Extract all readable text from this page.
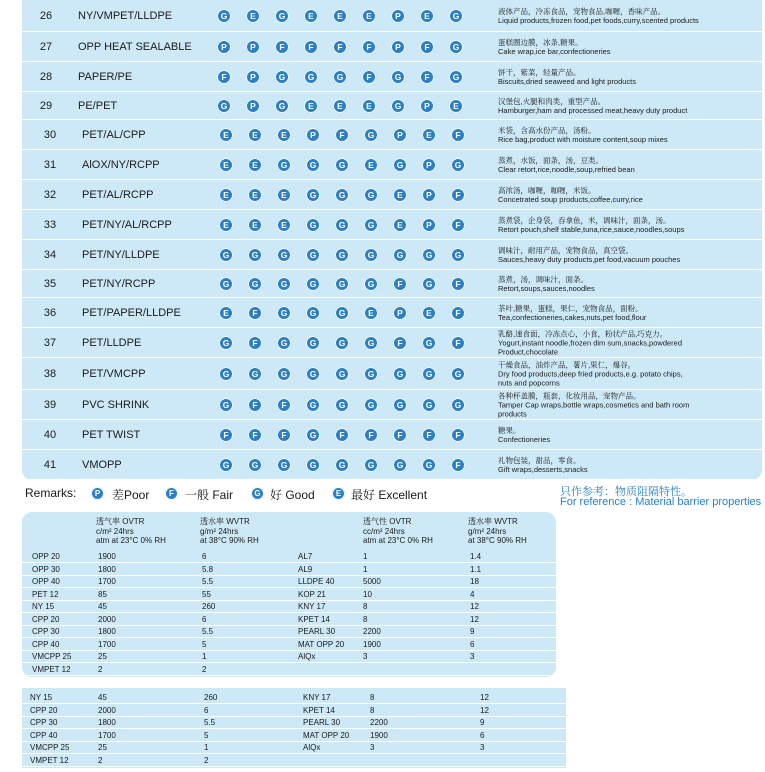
26	NY/VMPET/LLDPE	G	E	G	E	E	E	P	E	G	液体产品，冷冻食品，宠物食品,咖喱，香味产品。
Liquid products,frozen food,pet foods,curry,scented products
27	OPP HEAT SEALABLE	P	P	F	F	F	F	P	F	G	蛋糕圈边膜，冰条,糖果。
Cake wrap,ice bar,confectioneries
28	PAPER/PE	F	P	G	G	G	F	G	F	G	饼干，紫菜，轻量产品。
Biscuits,dried seaweed and light products
29	PE/PET	G	P	G	E	E	E	G	P	E	汉堡包,火腿和肉类，重型产品。
Hamburger,ham and processed meat,heavy duty product
30	PET/AL/CPP	E	E	E	P	F	G	P	E	F	米袋，含高水份产品，汤粉。
Rice bag,product with moisture content,soup mixes
31	AlOX/NY/RCPP	E	E	G	G	G	E	G	P	G	蒸煮，水饭，面条，汤，豆类。
Clear retort,rice,noodle,soup,refried bean
32	PET/AL/RCPP	E	E	E	G	G	G	E	P	F	高浓汤，咖喱，咖喱，米饭。
Concetrated soup products,coffee,curry,rice
33	PET/NY/AL/RCPP	E	E	E	G	G	G	E	P	F	蒸煮袋，企身袋，吞拿鱼，米，调味汁，面条，汤。
Retort pouch,shelf stable,tuna,rice,sauce,noodles,soups
34	PET/NY/LLDPE	G	G	G	G	G	G	G	G	G	调味汁，耐用产品，宠物食品，真空袋。
Sauces,heavy duty products,pet food,vacuum pouches
35	PET/NY/RCPP	G	G	G	G	G	G	F	G	F	蒸煮，汤，调味汁，面条。
Retort,soups,sauces,noodles
36	PET/PAPER/LLDPE	E	F	G	G	G	E	P	E	F	茶叶,糖果，蛋糕，果仁，宠物食品，面粉。
Tea,confectioneries,cakes,nuts,pet food,flour
37	PET/LLDPE	G	F	G	G	G	G	F	G	F
乳酪,速食面，冷冻点心，小食，粉状产品,巧克力。
Yogurt,instant noodle,frozen dim sum,snacks,powdered
Product,chocolate
38	PET/VMCPP	G	G	G	G	G	G	G	G	G
干燥食品，油炸产品，薯片,果仁，爆谷。
Dry food products,deep fried products,e.g. potato chips,
nuts and popcorns
39	PVC SHRINK	G	F	F	G	G	G	G	G	G
各种杯盖膜，瓶套，化妆用品，宠物产品。
Tamper Cap wraps,bottle wraps,cosmetics and bath room
products
40	PET TWIST	F	F	F	G	F	F	F	F	F	糖果。
Confectioneries
41	VMOPP	G	G	G	G	G	G	G	G	F	礼物包装，甜品，零食。
Gift wraps,desserts,snacks
Remarks:	P 差Poor	F 一般 Fair	G 好 Good	E 最好 Excellent	只作参考：物质阻隔特性。
For reference : Material barrier properties
透气率 OVTR
c/m² 24hrs
atm at 23°C 0% RH
透水率 WVTR
g/m² 24hrs
at 38°C 90% RH
透气性 OVTR
cc/m² 24hrs
atm at 23°C 0% RH
透水率 WVTR
g/m² 24hrs
at 38°C 90% RH
OPP 20	1900	6	AL7	1	1.4
OPP 30	1800	5.8	AL9	1	1.1
OPP 40	1700	5.5	LLDPE 40	5000	18
PET 12	85	55	KOP 21	10	4
NY 15	45	260	KNY 17	8	12
CPP 20	2000	6	KPET 14	8	12
CPP 30	1800	5.5	PEARL 30	2200	9
CPP 40	1700	5	MAT OPP 20 1900	6
VMCPP 25	25	1	AlQx	3	3
VMPET 12	2	2
NY 15	45	260	KNY 17	8	12
CPP 20	2000	6	KPET 14	8	12
CPP 30	1800	5.5	PEARL 30	2200	9
CPP 40	1700	5	MAT OPP 20	1900	6
VMCPP 25	25	1	AlQx	3	3
VMPET 12	2	2
